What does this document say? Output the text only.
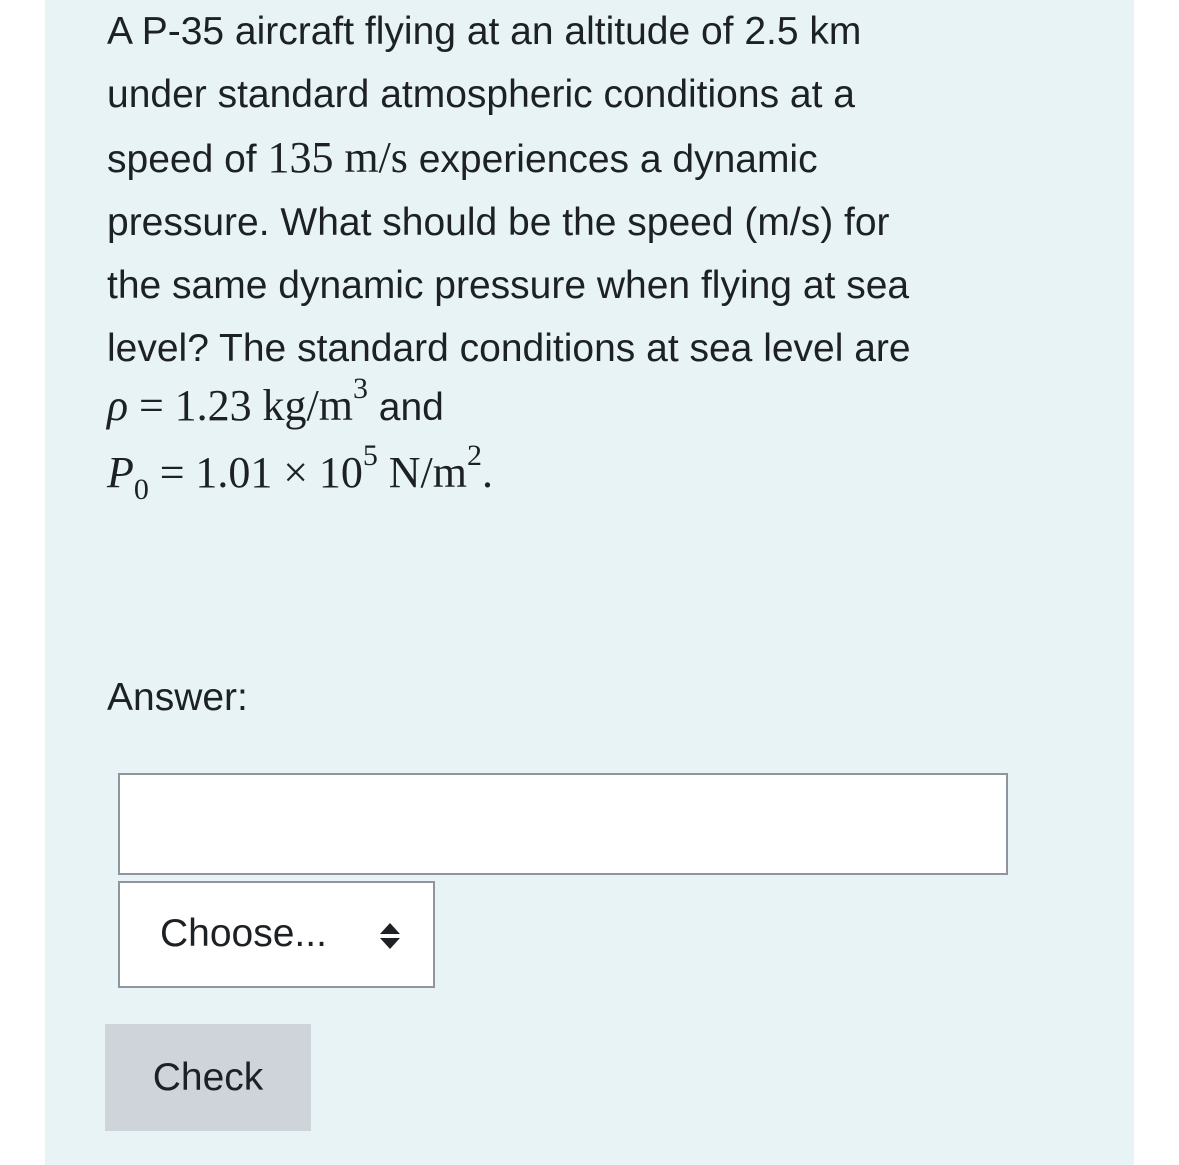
A P-35 aircraft flying at an altitude of 2.5 km

under standard atmospheric conditions at a

speed of 135 m/s experiences a dynamic

pressure. What should be the speed (m/s) for

the same dynamic pressure when flying at sea

level? The standard conditions at sea level are

ρ = 1.23 $kg/m^3$ and
$P_0 = 1.01 \times 10^5$ $N/m^2$.
Answer:
Choose...
Check
